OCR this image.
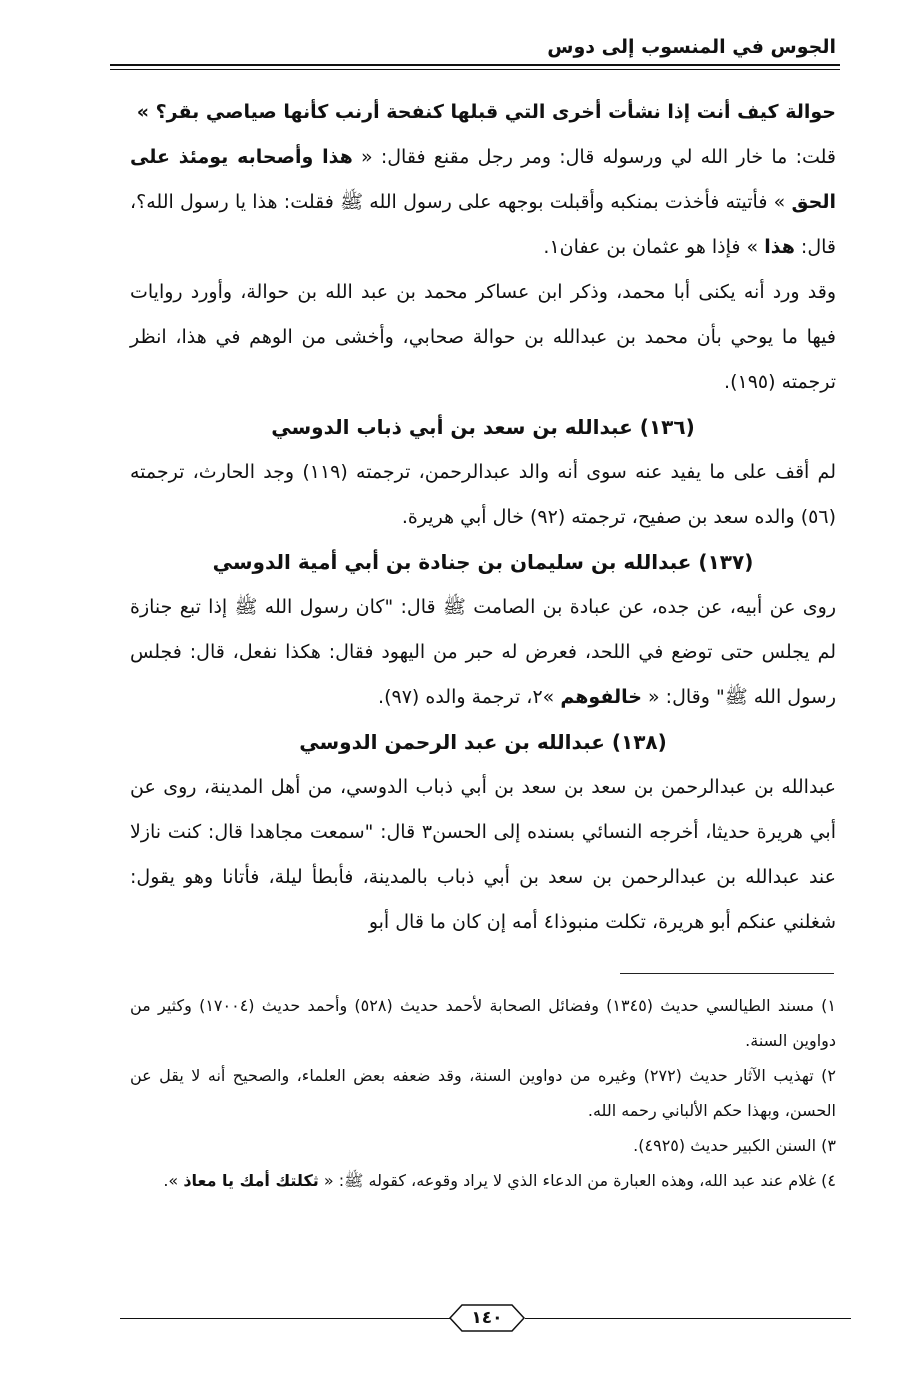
الجوس في المنسوب إلى دوس

حوالة كيف أنت إذا نشأت أخرى التي قبلها كنفحة أرنب كأنها صياصي بقر؟ »

قلت: ما خار الله لي ورسوله قال: ومر رجل مقنع فقال: « هذا وأصحابه يومئذ على الحق » فأتيته فأخذت بمنكبه وأقبلت بوجهه على رسول الله ﷺ فقلت: هذا يا رسول الله؟، قال: هذا » فإذا هو عثمان بن عفان١.

وقد ورد أنه يكنى أبا محمد، وذكر ابن عساكر محمد بن عبد الله بن حوالة، وأورد روايات فيها ما يوحي بأن محمد بن عبدالله بن حوالة صحابي، وأخشى من الوهم في هذا، انظر ترجمته (١٩٥).

(١٣٦) عبدالله بن سعد بن أبي ذباب الدوسي

لم أقف على ما يفيد عنه سوى أنه والد عبدالرحمن، ترجمته (١١٩) وجد الحارث، ترجمته (٥٦) والده سعد بن صفيح، ترجمته (٩٢) خال أبي هريرة.

(١٣٧) عبدالله بن سليمان بن جنادة بن أبي أمية الدوسي

روى عن أبيه، عن جده، عن عبادة بن الصامت ﷺ قال: "كان رسول الله ﷺ إذا تبع جنازة لم يجلس حتى توضع في اللحد، فعرض له حبر من اليهود فقال: هكذا نفعل، قال: فجلس رسول الله ﷺ" وقال: « خالفوهم »٢، ترجمة والده (٩٧).

(١٣٨) عبدالله بن عبد الرحمن الدوسي

عبدالله بن عبدالرحمن بن سعد بن سعد بن أبي ذباب الدوسي، من أهل المدينة، روى عن أبي هريرة حديثا، أخرجه النسائي بسنده إلى الحسن٣ قال: "سمعت مجاهدا قال: كنت نازلا عند عبدالله بن عبدالرحمن بن سعد بن أبي ذباب بالمدينة، فأبطأ ليلة، فأتانا وهو يقول: شغلني عنكم أبو هريرة، تكلت منبوذا٤ أمه إن كان ما قال أبو

١) مسند الطيالسي حديث (١٣٤٥) وفضائل الصحابة لأحمد حديث (٥٢٨) وأحمد حديث (١٧٠٠٤) وكثير من دواوين السنة.

٢) تهذيب الآثار حديث (٢٧٢) وغيره من دواوين السنة، وقد ضعفه بعض العلماء، والصحيح أنه لا يقل عن الحسن، وبهذا حكم الألباني رحمه الله.

٣) السنن الكبير حديث (٤٩٢٥).

٤) غلام عند عبد الله، وهذه العبارة من الدعاء الذي لا يراد وقوعه، كقوله ﷺ: « ثكلتك أمك يا معاذ ».

١٤٠
